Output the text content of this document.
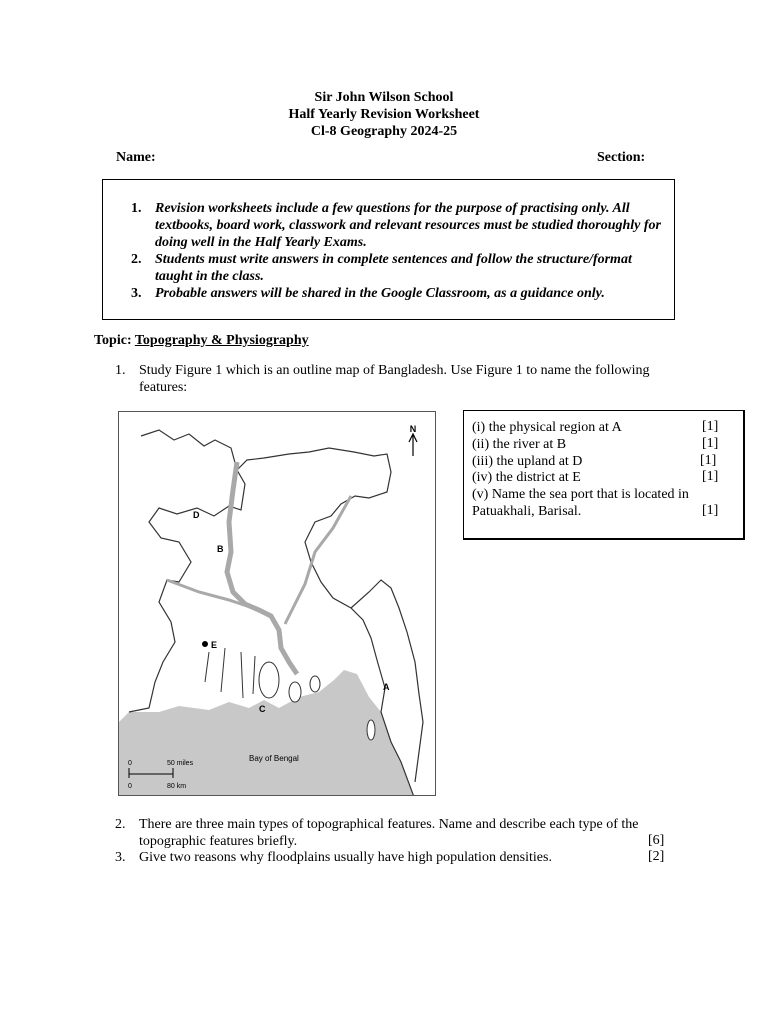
Sir John Wilson School
Half Yearly Revision Worksheet
Cl-8 Geography 2024-25
Name:	Section:
1. Revision worksheets include a few questions for the purpose of practising only. All textbooks, board work, classwork and relevant resources must be studied thoroughly for doing well in the Half Yearly Exams.
2. Students must write answers in complete sentences and follow the structure/format taught in the class.
3. Probable answers will be shared in the Google Classroom, as a guidance only.
Topic: Topography & Physiography
1. Study Figure 1 which is an outline map of Bangladesh. Use Figure 1 to name the following features:
N
D
B
E
C
A
Bay of Bengal
0	50 miles
0	80 km
(i) the physical region at A	[1]
(ii) the river at B	[1]
(iii) the upland at D	[1]
(iv) the district at E	[1]
(v) Name the sea port that is located in
Patuakhali, Barisal.	[1]
2. There are three main types of topographical features. Name and describe each type of the topographic features briefly.	[6]
3. Give two reasons why floodplains usually have high population densities.	[2]
